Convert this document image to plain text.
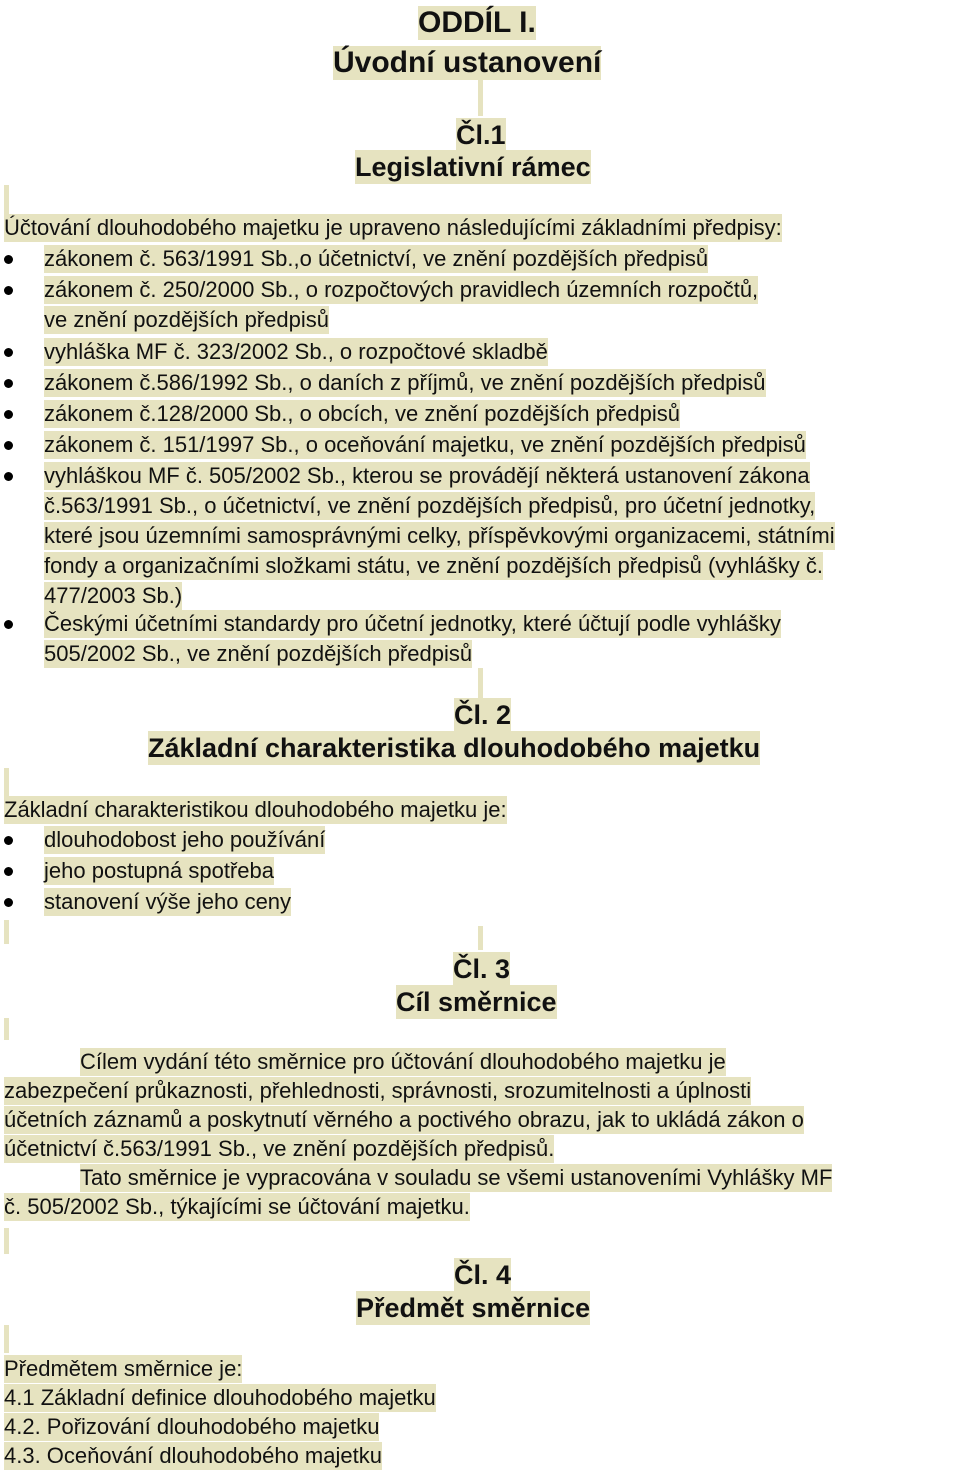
ODDÍL I.
Úvodní ustanovení
Čl.1
Legislativní rámec
Účtování dlouhodobého majetku je upraveno následujícími základními předpisy:
zákonem č. 563/1991 Sb.,o účetnictví, ve znění pozdějších předpisů
zákonem č. 250/2000 Sb., o rozpočtových pravidlech územních rozpočtů,
ve znění pozdějších předpisů
vyhláška MF č. 323/2002 Sb., o rozpočtové skladbě
zákonem č.586/1992 Sb., o daních z příjmů, ve znění pozdějších předpisů
zákonem č.128/2000 Sb., o obcích, ve znění pozdějších předpisů
zákonem č. 151/1997 Sb., o oceňování majetku, ve znění pozdějších předpisů
vyhláškou MF č. 505/2002 Sb., kterou se provádějí některá ustanovení zákona
č.563/1991 Sb., o účetnictví, ve znění pozdějších předpisů, pro účetní jednotky,
které jsou územními samosprávnými celky, příspěvkovými organizacemi, státními
fondy a organizačními složkami státu, ve znění pozdějších předpisů (vyhlášky č.
477/2003 Sb.)
Českými účetními standardy pro účetní jednotky, které účtují podle vyhlášky
505/2002 Sb., ve znění pozdějších předpisů
Čl. 2
Základní charakteristika dlouhodobého majetku
Základní charakteristikou dlouhodobého majetku je:
dlouhodobost jeho používání
jeho postupná spotřeba
stanovení výše jeho ceny
Čl. 3
Cíl směrnice
Cílem vydání této směrnice pro účtování dlouhodobého majetku je
zabezpečení průkaznosti, přehlednosti, správnosti, srozumitelnosti a úplnosti
účetních záznamů a poskytnutí věrného a poctivého obrazu, jak to ukládá zákon o
účetnictví č.563/1991 Sb., ve znění pozdějších předpisů.
Tato směrnice je vypracována v souladu se všemi ustanoveními Vyhlášky MF
č. 505/2002 Sb., týkajícími se účtování majetku.
Čl. 4
Předmět směrnice
Předmětem směrnice je:
4.1 Základní definice dlouhodobého majetku
4.2. Pořizování dlouhodobého majetku
4.3. Oceňování dlouhodobého majetku
